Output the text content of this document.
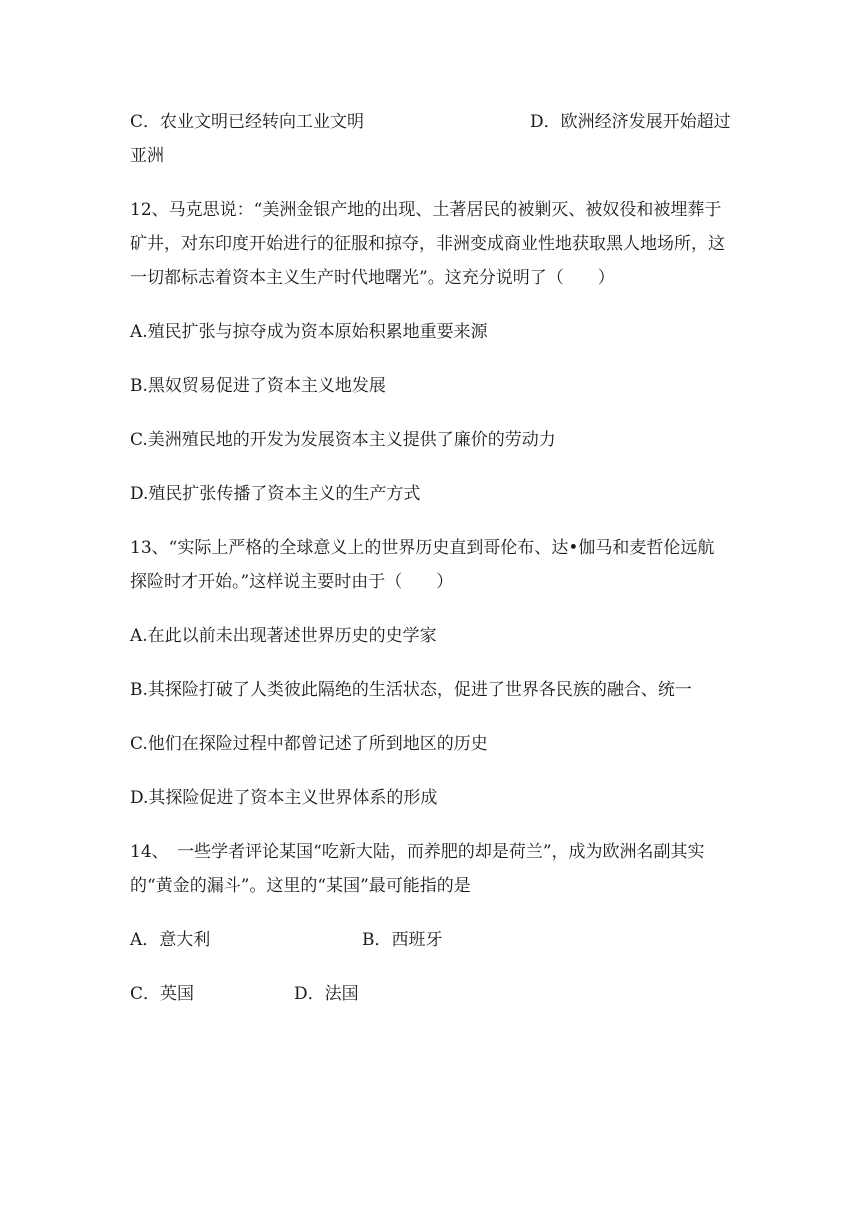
C．农业文明已经转向工业文明	D．欧洲经济发展开始超过
亚洲
12、马克思说：“美洲金银产地的出现、土著居民的被剿灭、被奴役和被埋葬于
矿井，对东印度开始进行的征服和掠夺，非洲变成商业性地获取黑人地场所，这
一切都标志着资本主义生产时代地曙光”。这充分说明了（　　）
A.殖民扩张与掠夺成为资本原始积累地重要来源
B.黑奴贸易促进了资本主义地发展
C.美洲殖民地的开发为发展资本主义提供了廉价的劳动力
D.殖民扩张传播了资本主义的生产方式
13、“实际上严格的全球意义上的世界历史直到哥伦布、达•伽马和麦哲伦远航
探险时才开始。”这样说主要时由于（　　）
A.在此以前未出现著述世界历史的史学家
B.其探险打破了人类彼此隔绝的生活状态，促进了世界各民族的融合、统一
C.他们在探险过程中都曾记述了所到地区的历史
D.其探险促进了资本主义世界体系的形成
14、　一些学者评论某国“吃新大陆，而养肥的却是荷兰”，成为欧洲名副其实
的“黄金的漏斗”。这里的“某国”最可能指的是
A．意大利	B．西班牙
C．英国	D．法国
